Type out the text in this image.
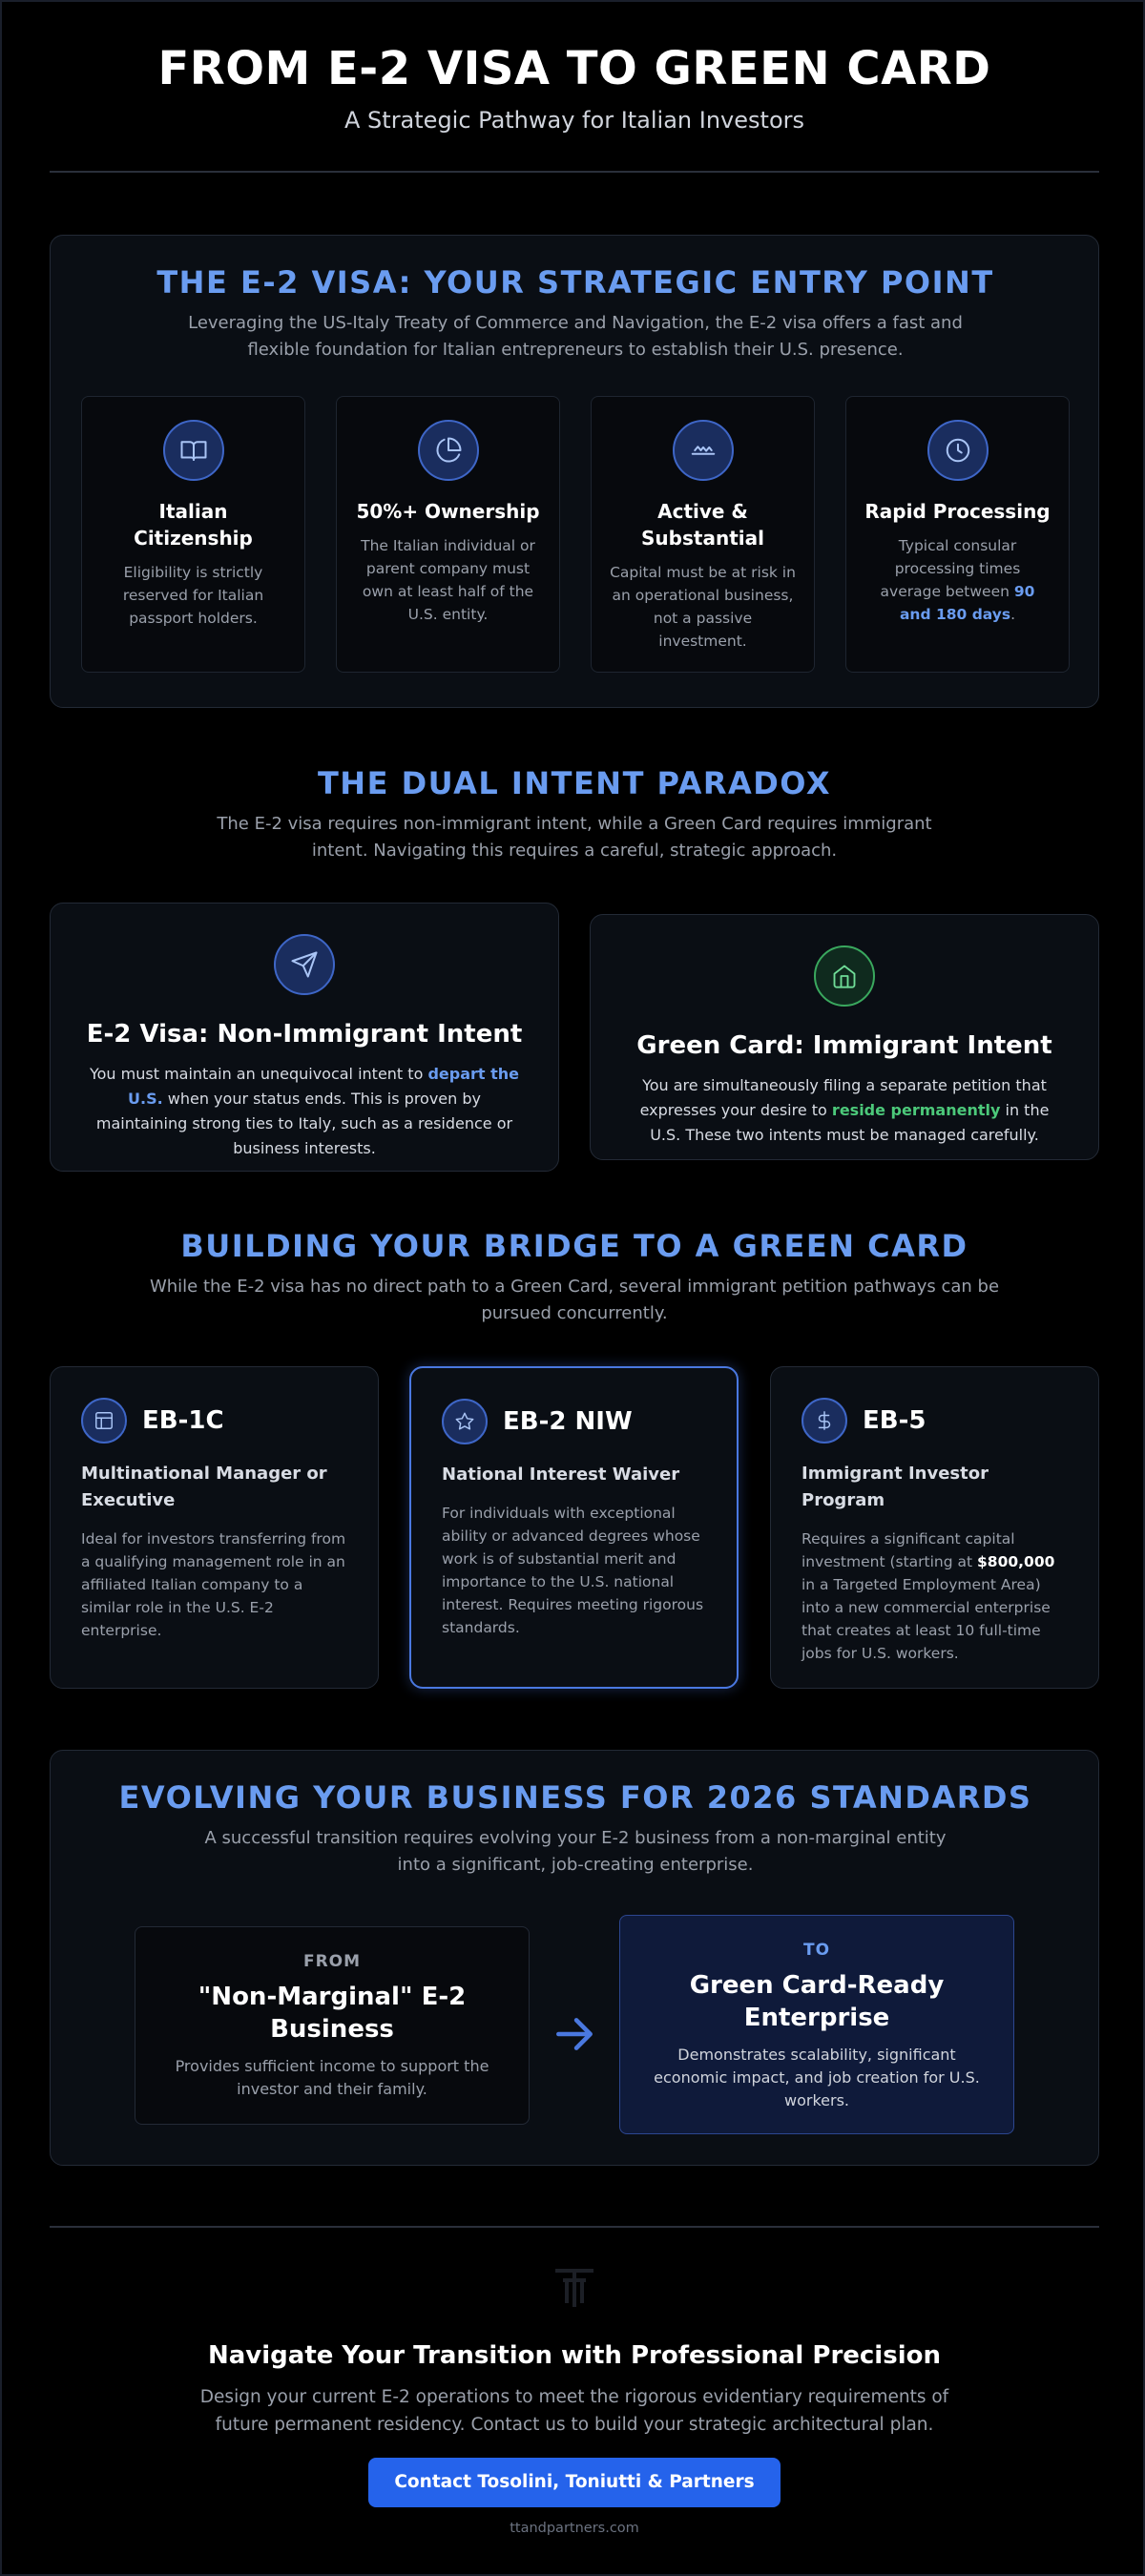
FROM E-2 VISA TO GREEN CARD
A Strategic Pathway for Italian Investors
THE E-2 VISA: YOUR STRATEGIC ENTRY POINT
Leveraging the US-Italy Treaty of Commerce and Navigation, the E-2 visa offers a fast and flexible foundation for Italian entrepreneurs to establish their U.S. presence.
Italian Citizenship

Eligibility is strictly reserved for Italian passport holders.

50%+ Ownership

The Italian individual or parent company must own at least half of the U.S. entity.

Active & Substantial

Capital must be at risk in an operational business, not a passive investment.

Rapid Processing

Typical consular processing times average between 90 and 180 days.

THE DUAL INTENT PARADOX
The E-2 visa requires non-immigrant intent, while a Green Card requires immigrant intent. Navigating this requires a careful, strategic approach.
E-2 Visa: Non-Immigrant Intent

You must maintain an unequivocal intent to depart the U.S. when your status ends. This is proven by maintaining strong ties to Italy, such as a residence or business interests.

Green Card: Immigrant Intent

You are simultaneously filing a separate petition that expresses your desire to reside permanently in the U.S. These two intents must be managed carefully.

BUILDING YOUR BRIDGE TO A GREEN CARD
While the E-2 visa has no direct path to a Green Card, several immigrant petition pathways can be pursued concurrently.
EB-1C
Multinational Manager or Executive

Ideal for investors transferring from a qualifying management role in an affiliated Italian company to a similar role in the U.S. E-2 enterprise.

EB-2 NIW
National Interest Waiver

For individuals with exceptional ability or advanced degrees whose work is of substantial merit and importance to the U.S. national interest. Requires meeting rigorous standards.

EB-5
Immigrant Investor Program

Requires a significant capital investment (starting at $800,000 in a Targeted Employment Area) into a new commercial enterprise that creates at least 10 full-time jobs for U.S. workers.

EVOLVING YOUR BUSINESS FOR 2026 STANDARDS
A successful transition requires evolving your E-2 business from a non-marginal entity into a significant, job-creating enterprise.
FROM
"Non-Marginal" E-2 Business

Provides sufficient income to support the investor and their family.

TO
Green Card-Ready Enterprise

Demonstrates scalability, significant economic impact, and job creation for U.S. workers.

Navigate Your Transition with Professional Precision

Design your current E-2 operations to meet the rigorous evidentiary requirements of future permanent residency. Contact us to build your strategic architectural plan.

Contact Tosolini, Toniutti & Partners
ttandpartners.com
